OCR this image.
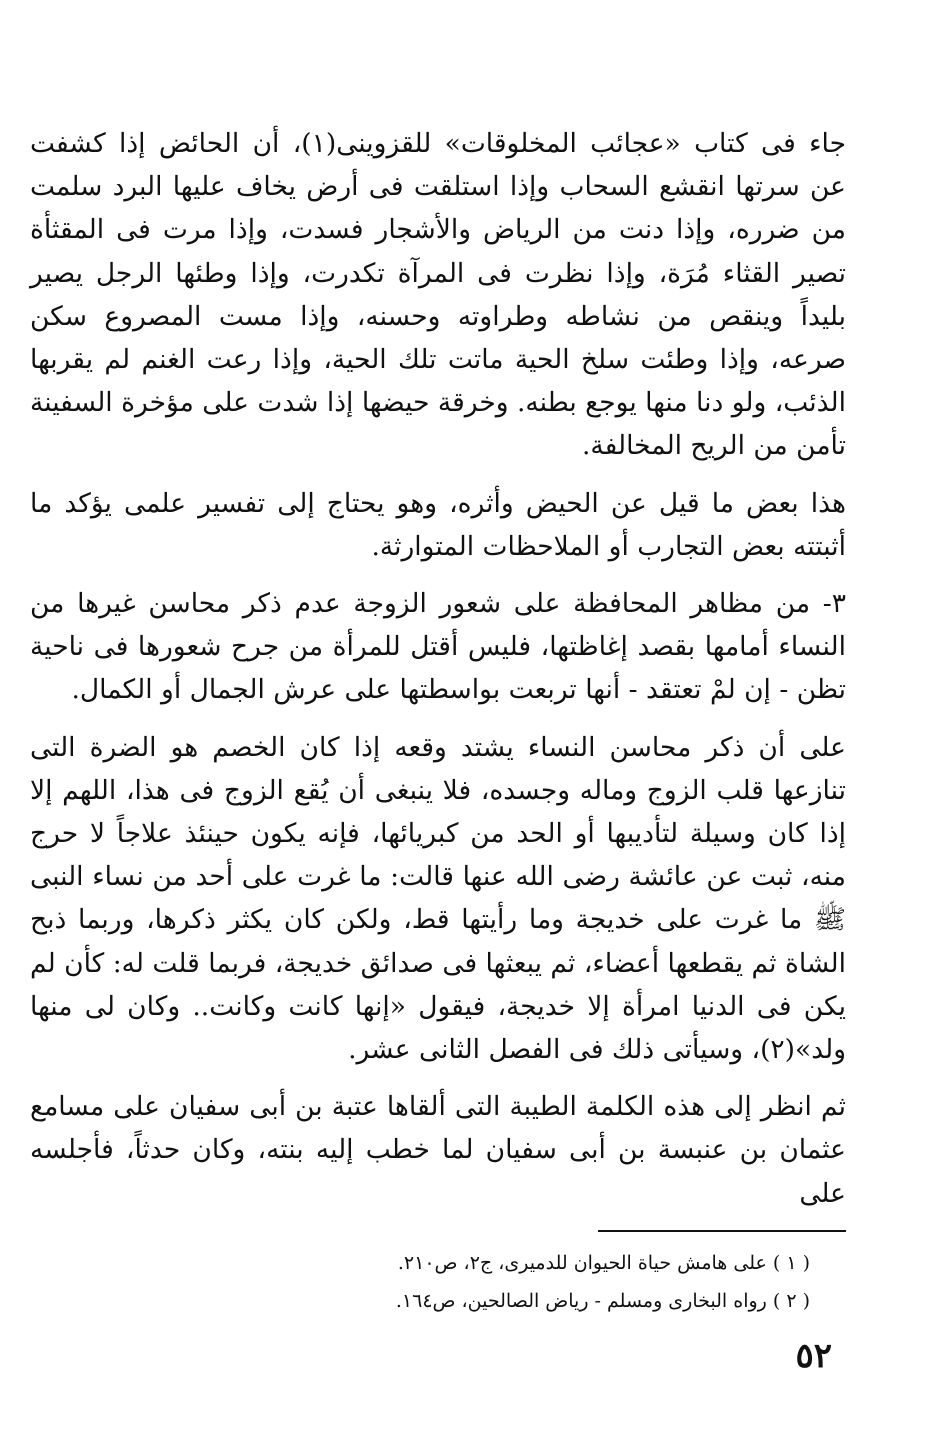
جاء فى كتاب «عجائب المخلوقات» للقزوينى(١)، أن الحائض إذا كشفت عن سرتها انقشع السحاب وإذا استلقت فى أرض يخاف عليها البرد سلمت من ضرره، وإذا دنت من الرياض والأشجار فسدت، وإذا مرت فى المقثأة تصير القثاء مُرَة، وإذا نظرت فى المرآة تكدرت، وإذا وطئها الرجل يصير بليداً وينقص من نشاطه وطراوته وحسنه، وإذا مست المصروع سكن صرعه، وإذا وطئت سلخ الحية ماتت تلك الحية، وإذا رعت الغنم لم يقربها الذئب، ولو دنا منها يوجع بطنه. وخرقة حيضها إذا شدت على مؤخرة السفينة تأمن من الريح المخالفة.

هذا بعض ما قيل عن الحيض وأثره، وهو يحتاج إلى تفسير علمى يؤكد ما أثبتته بعض التجارب أو الملاحظات المتوارثة.

٣- من مظاهر المحافظة على شعور الزوجة عدم ذكر محاسن غيرها من النساء أمامها بقصد إغاظتها، فليس أقتل للمرأة من جرح شعورها فى ناحية تظن - إن لمْ تعتقد - أنها تربعت بواسطتها على عرش الجمال أو الكمال.

على أن ذكر محاسن النساء يشتد وقعه إذا كان الخصم هو الضرة التى تنازعها قلب الزوج وماله وجسده، فلا ينبغى أن يُقع الزوج فى هذا، اللهم إلا إذا كان وسيلة لتأديبها أو الحد من كبريائها، فإنه يكون حينئذ علاجاً لا حرج منه، ثبت عن عائشة رضى الله عنها قالت: ما غرت على أحد من نساء النبى ﷺ ما غرت على خديجة وما رأيتها قط، ولكن كان يكثر ذكرها، وربما ذبح الشاة ثم يقطعها أعضاء، ثم يبعثها فى صدائق خديجة، فربما قلت له: كأن لم يكن فى الدنيا امرأة إلا خديجة، فيقول «إنها كانت وكانت.. وكان لى منها ولد»(٢)، وسيأتى ذلك فى الفصل الثانى عشر.

ثم انظر إلى هذه الكلمة الطيبة التى ألقاها عتبة بن أبى سفيان على مسامع عثمان بن عنبسة بن أبى سفيان لما خطب إليه بنته، وكان حدثاً، فأجلسه على

( ١ ) على هامش حياة الحيوان للدميرى، ج٢، ص٢١٠.

( ٢ ) رواه البخارى ومسلم - رياض الصالحين، ص١٦٤.

٥٢
